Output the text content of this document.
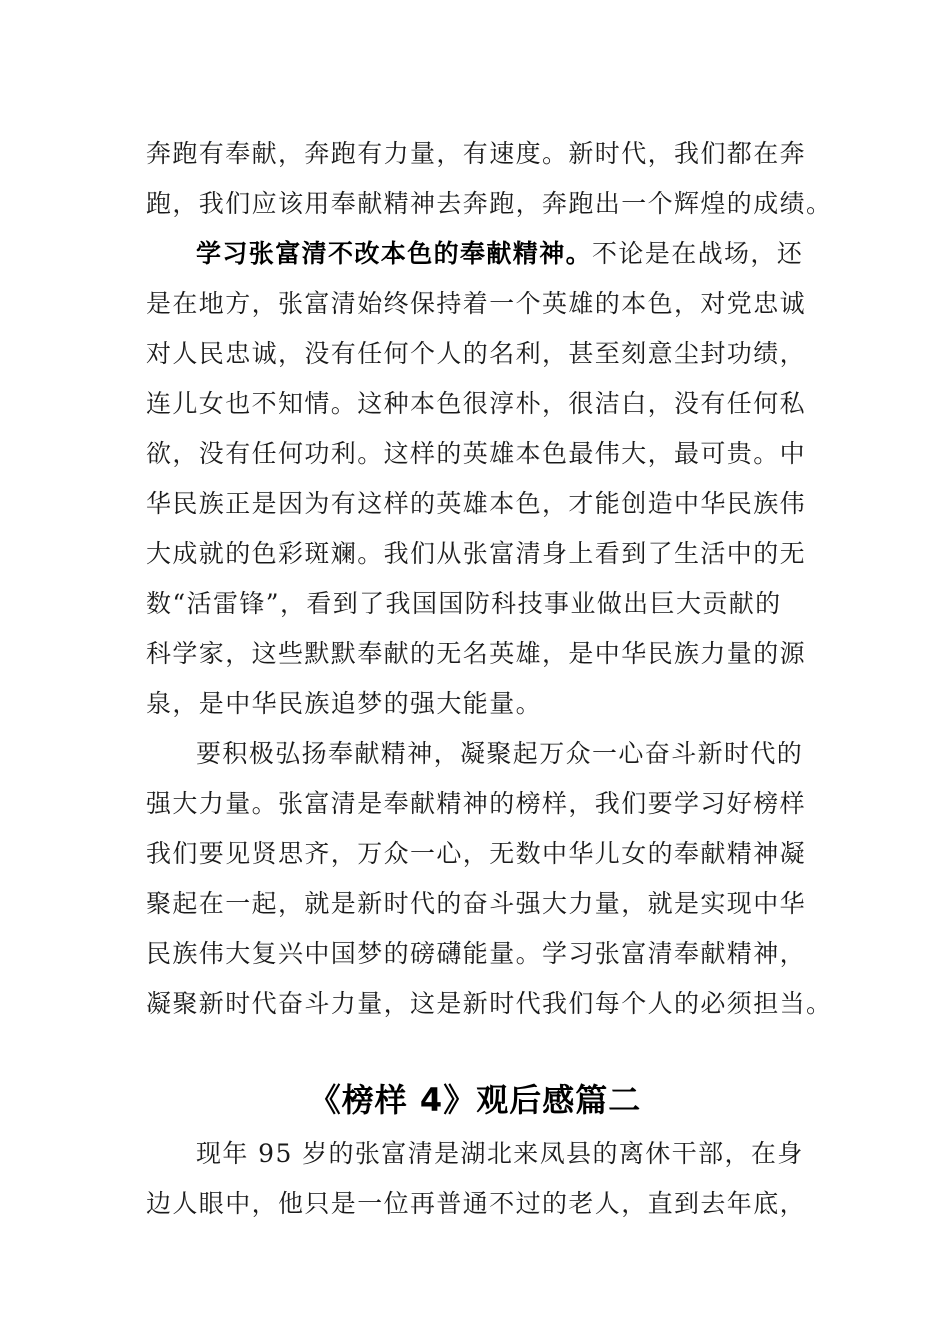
奔跑有奉献，奔跑有力量，有速度。新时代，我们都在奔
跑，我们应该用奉献精神去奔跑，奔跑出一个辉煌的成绩。
学习张富清不改本色的奉献精神。不论是在战场，还
是在地方，张富清始终保持着一个英雄的本色，对党忠诚
对人民忠诚，没有任何个人的名利，甚至刻意尘封功绩，
连儿女也不知情。这种本色很淳朴，很洁白，没有任何私
欲，没有任何功利。这样的英雄本色最伟大，最可贵。中
华民族正是因为有这样的英雄本色，才能创造中华民族伟
大成就的色彩斑斓。我们从张富清身上看到了生活中的无
数“活雷锋”，看到了我国国防科技事业做出巨大贡献的
科学家，这些默默奉献的无名英雄，是中华民族力量的源
泉，是中华民族追梦的强大能量。
要积极弘扬奉献精神，凝聚起万众一心奋斗新时代的
强大力量。张富清是奉献精神的榜样，我们要学习好榜样
我们要见贤思齐，万众一心，无数中华儿女的奉献精神凝
聚起在一起，就是新时代的奋斗强大力量，就是实现中华
民族伟大复兴中国梦的磅礴能量。学习张富清奉献精神，
凝聚新时代奋斗力量，这是新时代我们每个人的必须担当。
《榜样 4》观后感篇二
现年 95 岁的张富清是湖北来凤县的离休干部，在身
边人眼中，他只是一位再普通不过的老人，直到去年底，
